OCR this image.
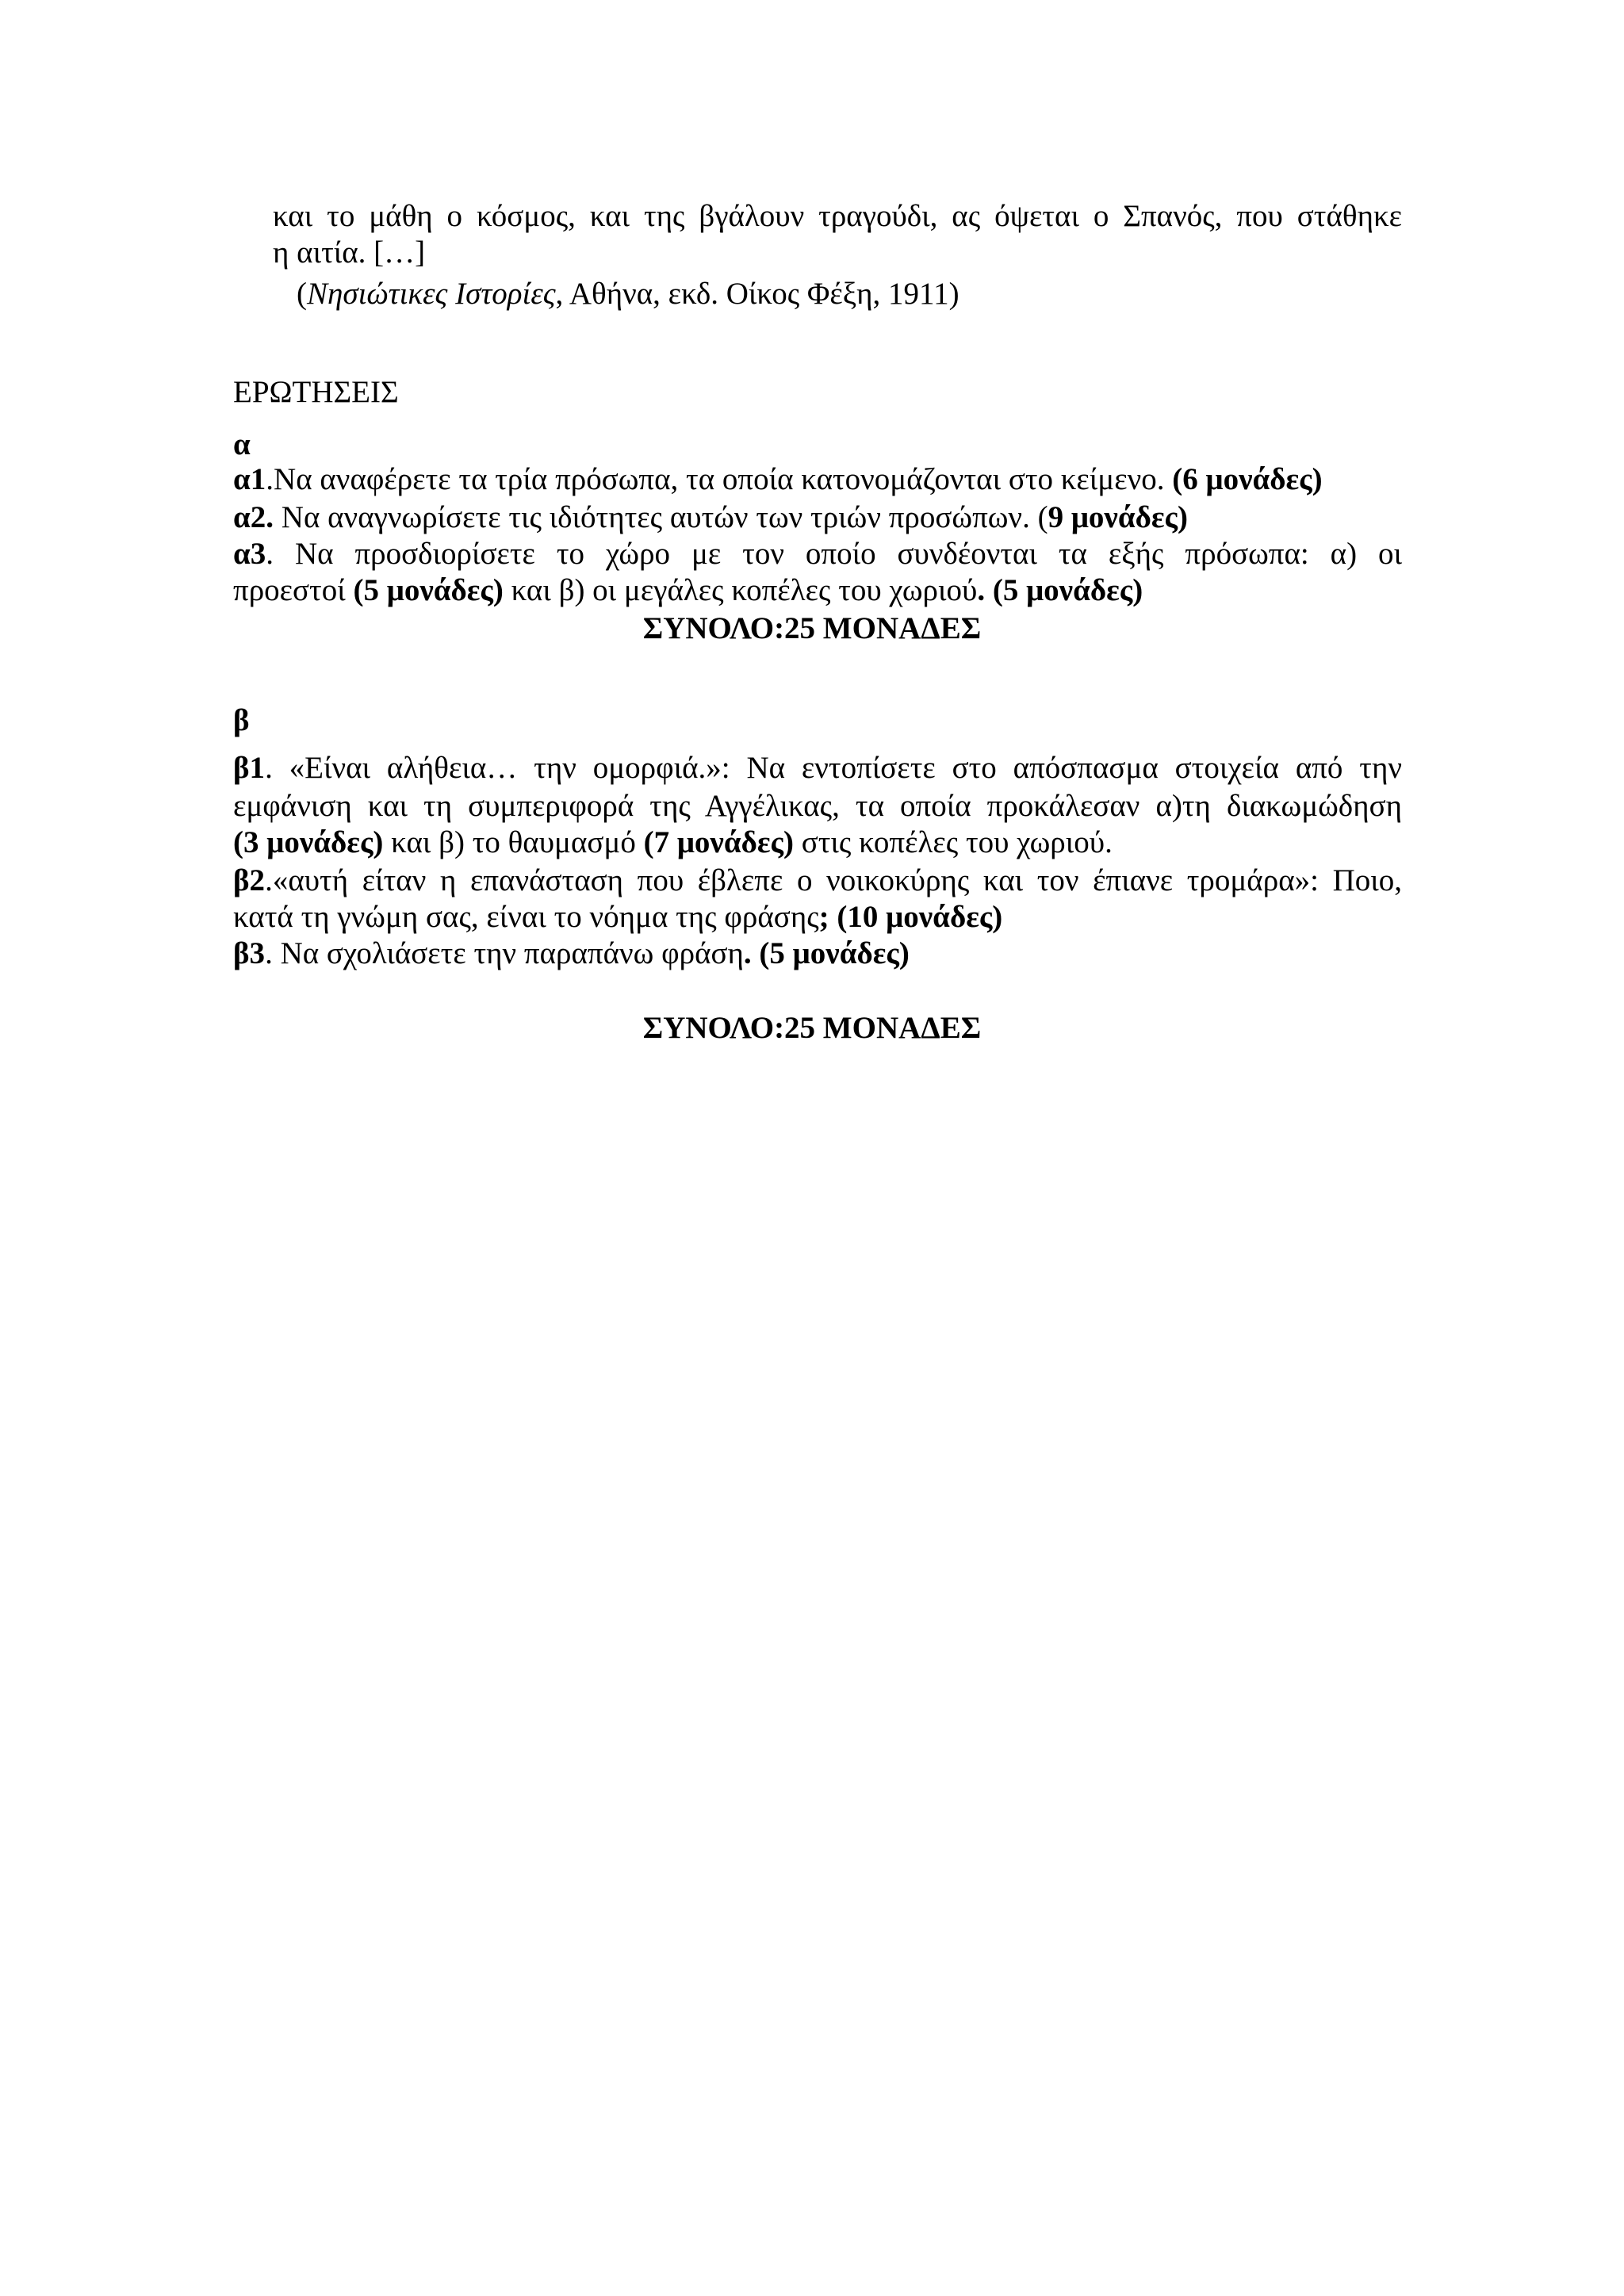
και το μάθη ο κόσμος, και της βγάλουν τραγούδι, ας όψεται ο Σπανός, που στάθηκε
η αιτία. […]
(Νησιώτικες Ιστορίες, Αθήνα, εκδ. Οίκος Φέξη, 1911)
ΕΡΩΤΗΣΕΙΣ
α
α1.Να αναφέρετε τα τρία πρόσωπα, τα οποία κατονομάζονται στο κείμενο. (6 μονάδες)
α2. Να αναγνωρίσετε τις ιδιότητες αυτών των τριών προσώπων. (9 μονάδες)
α3. Να προσδιορίσετε το χώρο με τον οποίο συνδέονται τα εξής πρόσωπα: α) οι
προεστοί (5 μονάδες) και β) οι μεγάλες κοπέλες του χωριού. (5 μονάδες)
ΣΥΝΟΛΟ:25 ΜΟΝΑΔΕΣ
β
β1. «Είναι αλήθεια… την ομορφιά.»: Να εντοπίσετε στο απόσπασμα στοιχεία από την
εμφάνιση και τη συμπεριφορά της Αγγέλικας, τα οποία προκάλεσαν α)τη διακωμώδηση
(3 μονάδες) και β) το θαυμασμό (7 μονάδες) στις κοπέλες του χωριού.
β2.«αυτή είταν η επανάσταση που έβλεπε ο νοικοκύρης και τον έπιανε τρομάρα»: Ποιο,
κατά τη γνώμη σας, είναι το νόημα της φράσης; (10 μονάδες)
β3. Να σχολιάσετε την παραπάνω φράση. (5 μονάδες)
ΣΥΝΟΛΟ:25 ΜΟΝΑΔΕΣ
